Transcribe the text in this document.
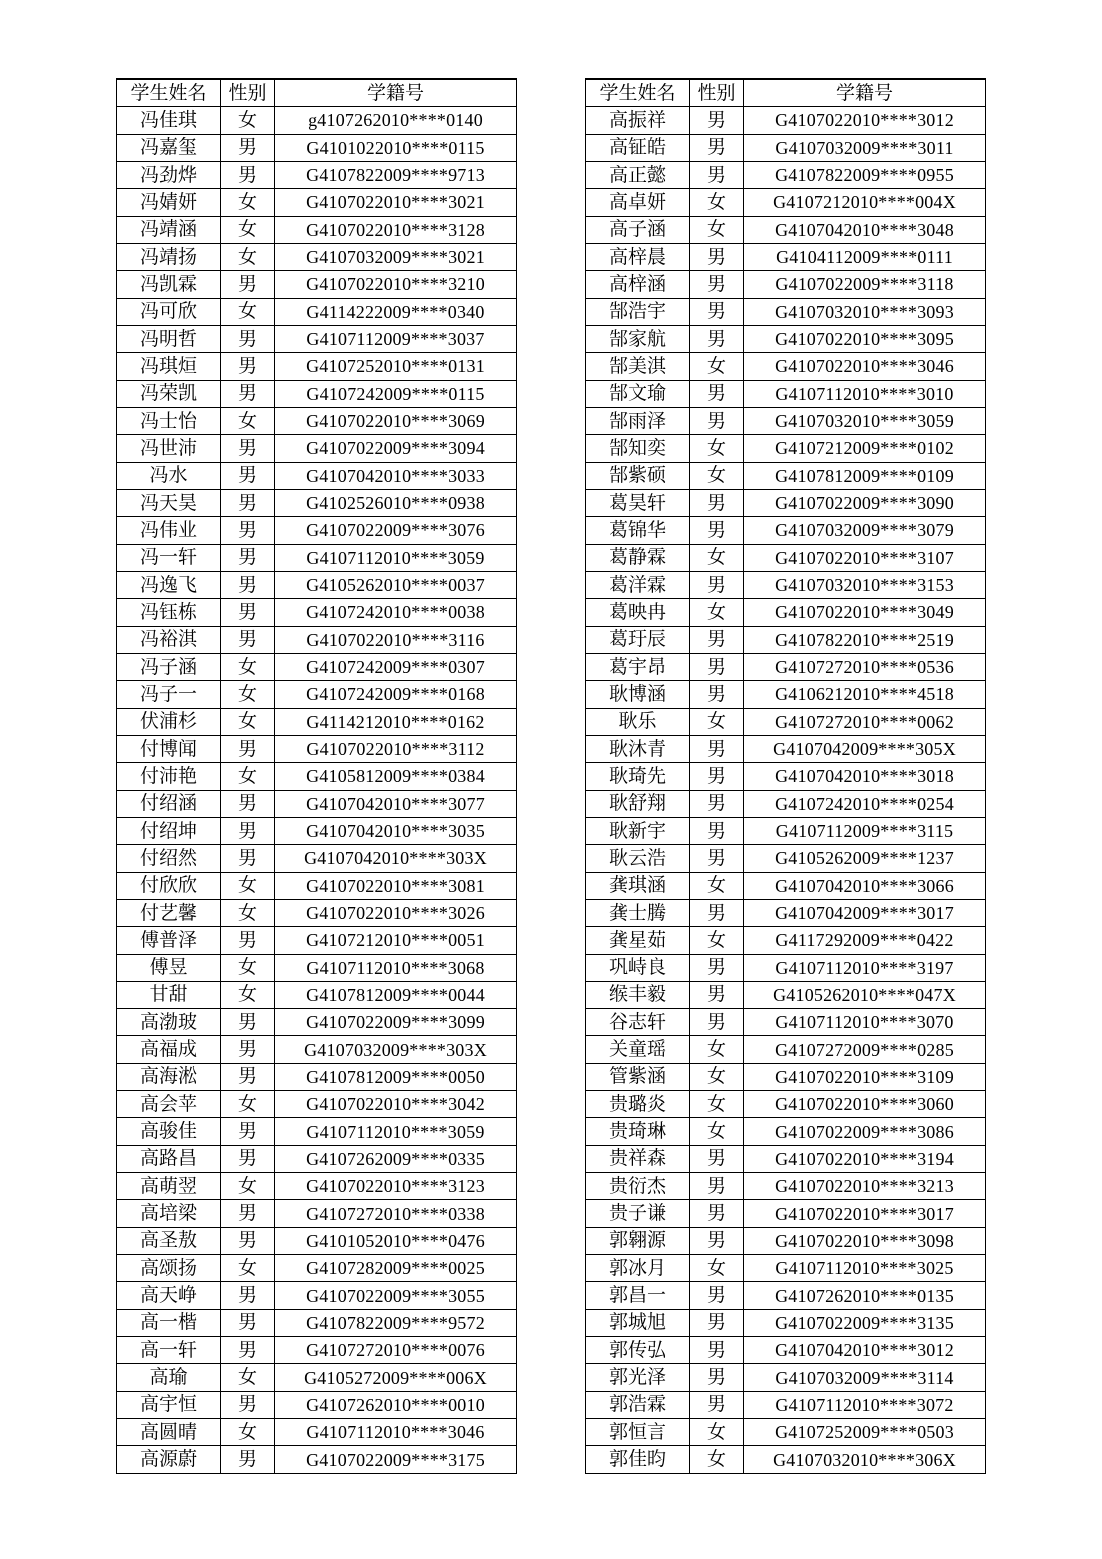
学生姓名	性别	学籍号
冯佳琪	女	g4107262010****0140
冯嘉玺	男	G4101022010****0115
冯劲烨	男	G4107822009****9713
冯婧妍	女	G4107022010****3021
冯靖涵	女	G4107022010****3128
冯靖扬	女	G4107032009****3021
冯凯霖	男	G4107022010****3210
冯可欣	女	G4114222009****0340
冯明哲	男	G4107112009****3037
冯琪烜	男	G4107252010****0131
冯荣凯	男	G4107242009****0115
冯士怡	女	G4107022010****3069
冯世沛	男	G4107022009****3094
冯水	男	G4107042010****3033
冯天昊	男	G4102526010****0938
冯伟业	男	G4107022009****3076
冯一轩	男	G4107112010****3059
冯逸飞	男	G4105262010****0037
冯钰栋	男	G4107242010****0038
冯裕淇	男	G4107022010****3116
冯子涵	女	G4107242009****0307
冯子一	女	G4107242009****0168
伏浦杉	女	G4114212010****0162
付博闻	男	G4107022010****3112
付沛艳	女	G4105812009****0384
付绍涵	男	G4107042010****3077
付绍坤	男	G4107042010****3035
付绍然	男	G4107042010****303X
付欣欣	女	G4107022010****3081
付艺馨	女	G4107022010****3026
傅普泽	男	G4107212010****0051
傅昱	女	G4107112010****3068
甘甜	女	G4107812009****0044
高渤玻	男	G4107022009****3099
高福成	男	G4107032009****303X
高海淞	男	G4107812009****0050
高会苹	女	G4107022010****3042
高骏佳	男	G4107112010****3059
高路昌	男	G4107262009****0335
高萌翌	女	G4107022010****3123
高培梁	男	G4107272010****0338
高圣敖	男	G4101052010****0476
高颂扬	女	G4107282009****0025
高天峥	男	G4107022009****3055
高一楷	男	G4107822009****9572
高一轩	男	G4107272010****0076
高瑜	女	G4105272009****006X
高宇恒	男	G4107262010****0010
高圆晴	女	G4107112010****3046
高源蔚	男	G4107022009****3175
学生姓名	性别	学籍号
高振祥	男	G4107022010****3012
高钲皓	男	G4107032009****3011
高正懿	男	G4107822009****0955
高卓妍	女	G4107212010****004X
高子涵	女	G4107042010****3048
高梓晨	男	G4104112009****0111
高梓涵	男	G4107022009****3118
郜浩宇	男	G4107032010****3093
郜家航	男	G4107022010****3095
郜美淇	女	G4107022010****3046
郜文瑜	男	G4107112010****3010
郜雨泽	男	G4107032010****3059
郜知奕	女	G4107212009****0102
郜紫硕	女	G4107812009****0109
葛昊轩	男	G4107022009****3090
葛锦华	男	G4107032009****3079
葛静霖	女	G4107022010****3107
葛洋霖	男	G4107032010****3153
葛映冉	女	G4107022010****3049
葛玗辰	男	G4107822010****2519
葛宇昂	男	G4107272010****0536
耿博涵	男	G4106212010****4518
耿乐	女	G4107272010****0062
耿沐青	男	G4107042009****305X
耿琦先	男	G4107042010****3018
耿舒翔	男	G4107242010****0254
耿新宇	男	G4107112009****3115
耿云浩	男	G4105262009****1237
龚琪涵	女	G4107042010****3066
龚士腾	男	G4107042009****3017
龚星茹	女	G4117292009****0422
巩峙良	男	G4107112010****3197
缑丰毅	男	G4105262010****047X
谷志轩	男	G4107112010****3070
关童瑶	女	G4107272009****0285
管紫涵	女	G4107022010****3109
贵璐炎	女	G4107022010****3060
贵琦琳	女	G4107022009****3086
贵祥森	男	G4107022010****3194
贵衍杰	男	G4107022010****3213
贵子谦	男	G4107022010****3017
郭翱源	男	G4107022010****3098
郭冰月	女	G4107112010****3025
郭昌一	男	G4107262010****0135
郭城旭	男	G4107022009****3135
郭传弘	男	G4107042010****3012
郭光泽	男	G4107032009****3114
郭浩霖	男	G4107112010****3072
郭恒言	女	G4107252009****0503
郭佳昀	女	G4107032010****306X
